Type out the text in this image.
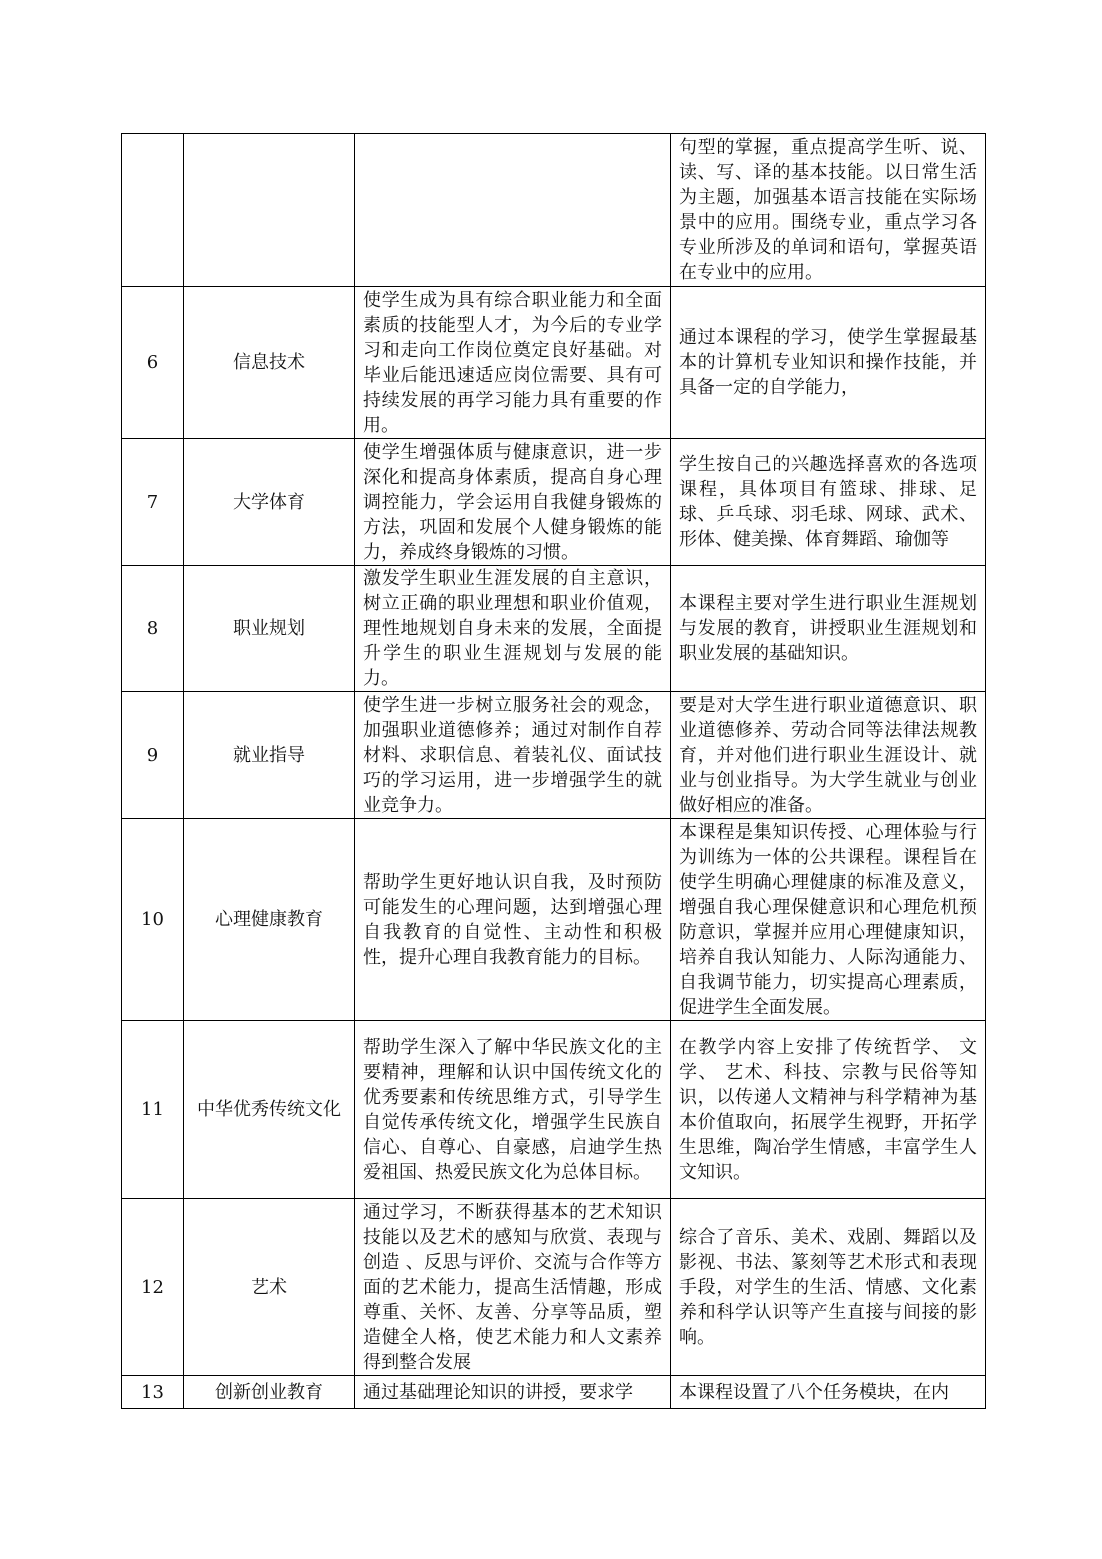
			句型的掌握，重点提高学生听、说、读、写、译的基本技能。以日常生活为主题，加强基本语言技能在实际场景中的应用。围绕专业，重点学习各专业所涉及的单词和语句，掌握英语在专业中的应用。
6	信息技术	使学生成为具有综合职业能力和全面素质的技能型人才，为今后的专业学习和走向工作岗位奠定良好基础。对毕业后能迅速适应岗位需要、具有可持续发展的再学习能力具有重要的作用。	通过本课程的学习，使学生掌握最基本的计算机专业知识和操作技能，并具备一定的自学能力，
7	大学体育	使学生增强体质与健康意识，进一步深化和提高身体素质，提高自身心理调控能力，学会运用自我健身锻炼的方法，巩固和发展个人健身锻炼的能力，养成终身锻炼的习惯。	学生按自己的兴趣选择喜欢的各选项课程，具体项目有篮球、排球、足球、乒乓球、羽毛球、网球、武术、形体、健美操、体育舞蹈、瑜伽等
8	职业规划	激发学生职业生涯发展的自主意识，树立正确的职业理想和职业价值观，理性地规划自身未来的发展，全面提升学生的职业生涯规划与发展的能力。	本课程主要对学生进行职业生涯规划与发展的教育，讲授职业生涯规划和职业发展的基础知识。
9	就业指导	使学生进一步树立服务社会的观念，加强职业道德修养；通过对制作自荐材料、求职信息、着装礼仪、面试技巧的学习运用，进一步增强学生的就业竞争力。	要是对大学生进行职业道德意识、职业道德修养、劳动合同等法律法规教育，并对他们进行职业生涯设计、就业与创业指导。为大学生就业与创业做好相应的准备。
10	心理健康教育	帮助学生更好地认识自我，及时预防可能发生的心理问题，达到增强心理自我教育的自觉性、主动性和积极性，提升心理自我教育能力的目标。	本课程是集知识传授、心理体验与行为训练为一体的公共课程。课程旨在使学生明确心理健康的标准及意义，增强自我心理保健意识和心理危机预防意识，掌握并应用心理健康知识，培养自我认知能力、人际沟通能力、自我调节能力，切实提高心理素质，促进学生全面发展。
11	中华优秀传统文化	帮助学生深入了解中华民族文化的主要精神，理解和认识中国传统文化的优秀要素和传统思维方式，引导学生自觉传承传统文化，增强学生民族自信心、自尊心、自豪感，启迪学生热爱祖国、热爱民族文化为总体目标。	在教学内容上安排了传统哲学、 文学、 艺术、科技、宗教与民俗等知识，以传递人文精神与科学精神为基本价值取向，拓展学生视野，开拓学生思维，陶冶学生情感，丰富学生人文知识。
12	艺术	通过学习，不断获得基本的艺术知识技能以及艺术的感知与欣赏、表现与创造 、反思与评价、交流与合作等方面的艺术能力，提高生活情趣，形成尊重、关怀、友善、分享等品质，塑造健全人格，使艺术能力和人文素养得到整合发展	综合了音乐、美术、戏剧、舞蹈以及影视、书法、篆刻等艺术形式和表现手段，对学生的生活、情感、文化素养和科学认识等产生直接与间接的影响。
13	创新创业教育	通过基础理论知识的讲授，要求学	本课程设置了八个任务模块，在内
